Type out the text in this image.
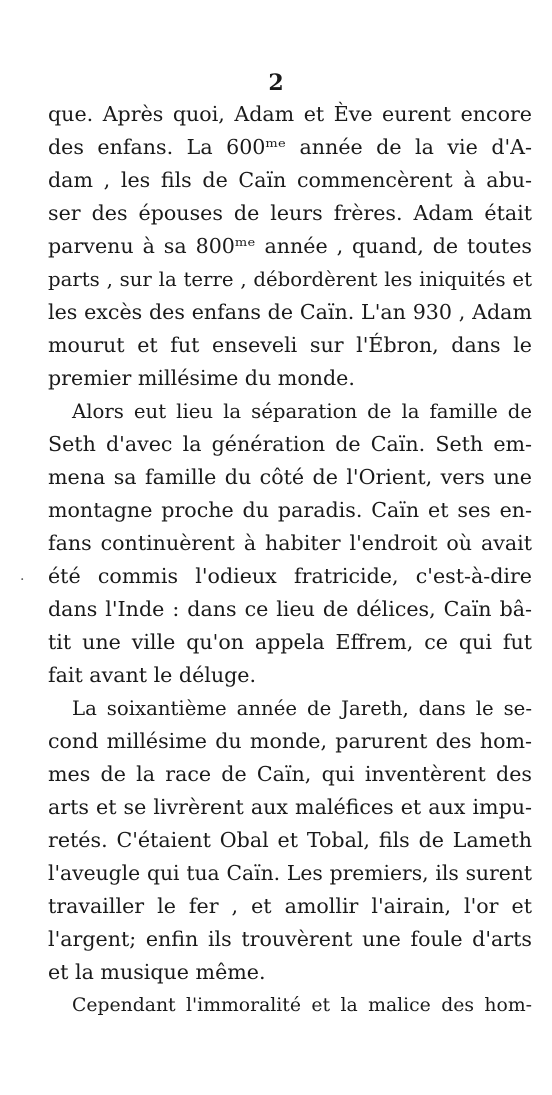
2
que. Après quoi, Adam et Ève eurent encore
des enfans. La 600ᵐᵉ année de la vie d'A-
dam , les fils de Caïn commencèrent à abu-
ser des épouses de leurs frères. Adam était
parvenu à sa 800ᵐᵉ année , quand, de toutes
parts , sur la terre , débordèrent les iniquités et
les excès des enfans de Caïn. L'an 930 , Adam
mourut et fut enseveli sur l'Ébron, dans le
premier millésime du monde.
Alors eut lieu la séparation de la famille de
Seth d'avec la génération de Caïn. Seth em-
mena sa famille du côté de l'Orient, vers une
montagne proche du paradis. Caïn et ses en-
fans continuèrent à habiter l'endroit où avait
été commis l'odieux fratricide, c'est-à-dire
dans l'Inde : dans ce lieu de délices, Caïn bâ-
tit une ville qu'on appela Effrem, ce qui fut
fait avant le déluge.
La soixantième année de Jareth, dans le se-
cond millésime du monde, parurent des hom-
mes de la race de Caïn, qui inventèrent des
arts et se livrèrent aux maléfices et aux impu-
retés. C'étaient Obal et Tobal, fils de Lameth
l'aveugle qui tua Caïn. Les premiers, ils surent
travailler le fer , et amollir l'airain, l'or et
l'argent; enfin ils trouvèrent une foule d'arts
et la musique même.
Cependant l'immoralité et la malice des hom-
·
